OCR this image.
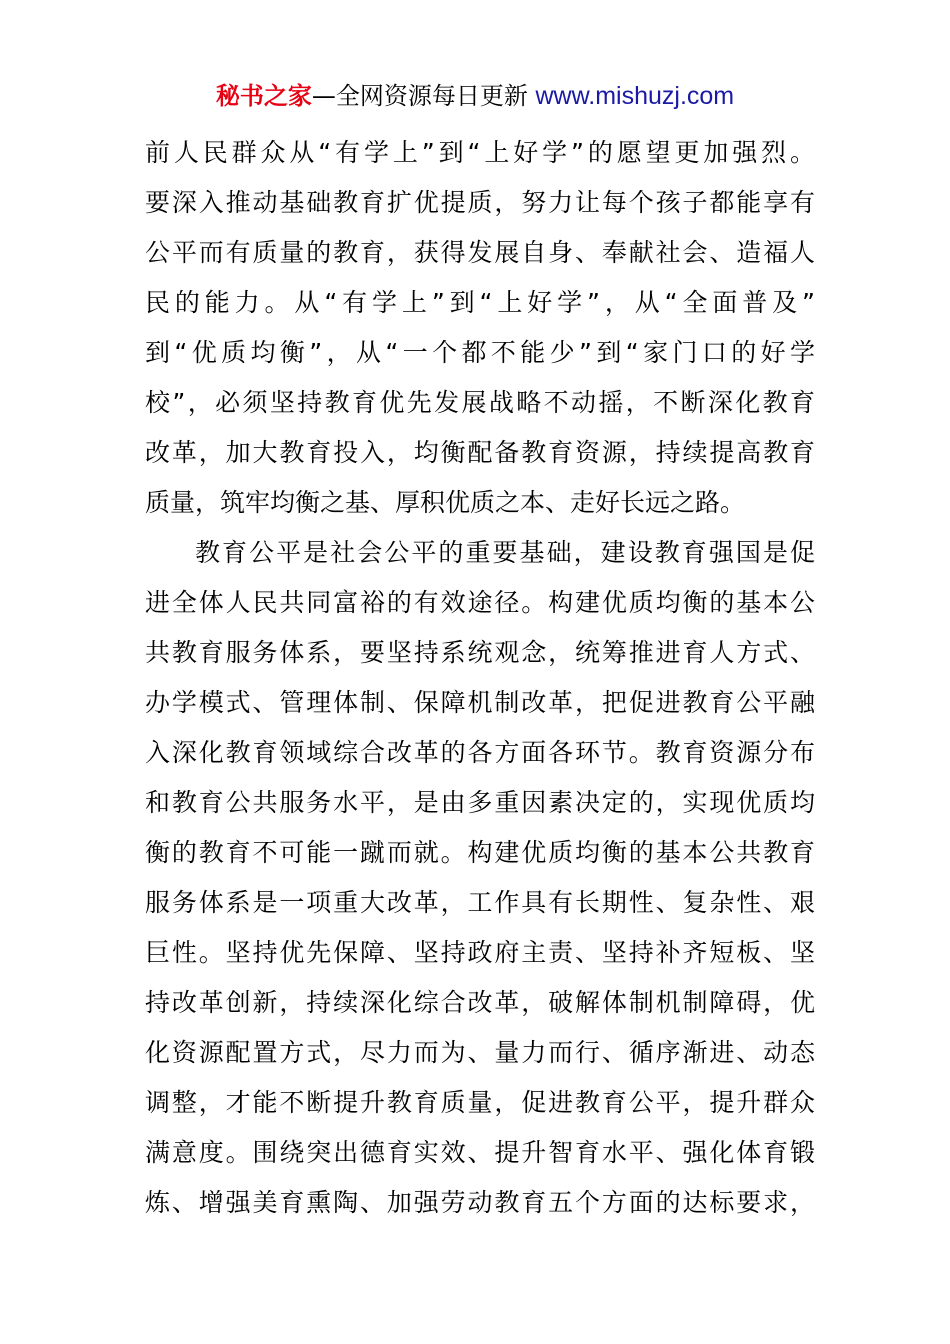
秘书之家—全网资源每日更新 www.mishuzj.com

前人民群众从“有学上”到“上好学”的愿望更加强烈。
要深入推动基础教育扩优提质，努力让每个孩子都能享有
公平而有质量的教育，获得发展自身、奉献社会、造福人
民的能力。从“有学上”到“上好学”，从“全面普及”
到“优质均衡”，从“一个都不能少”到“家门口的好学
校”，必须坚持教育优先发展战略不动摇，不断深化教育
改革，加大教育投入，均衡配备教育资源，持续提高教育
质量，筑牢均衡之基、厚积优质之本、走好长远之路。

教育公平是社会公平的重要基础，建设教育强国是促
进全体人民共同富裕的有效途径。构建优质均衡的基本公
共教育服务体系，要坚持系统观念，统筹推进育人方式、
办学模式、管理体制、保障机制改革，把促进教育公平融
入深化教育领域综合改革的各方面各环节。教育资源分布
和教育公共服务水平，是由多重因素决定的，实现优质均
衡的教育不可能一蹴而就。构建优质均衡的基本公共教育
服务体系是一项重大改革，工作具有长期性、复杂性、艰
巨性。坚持优先保障、坚持政府主责、坚持补齐短板、坚
持改革创新，持续深化综合改革，破解体制机制障碍，优
化资源配置方式，尽力而为、量力而行、循序渐进、动态
调整，才能不断提升教育质量，促进教育公平，提升群众
满意度。围绕突出德育实效、提升智育水平、强化体育锻
炼、增强美育熏陶、加强劳动教育五个方面的达标要求，
